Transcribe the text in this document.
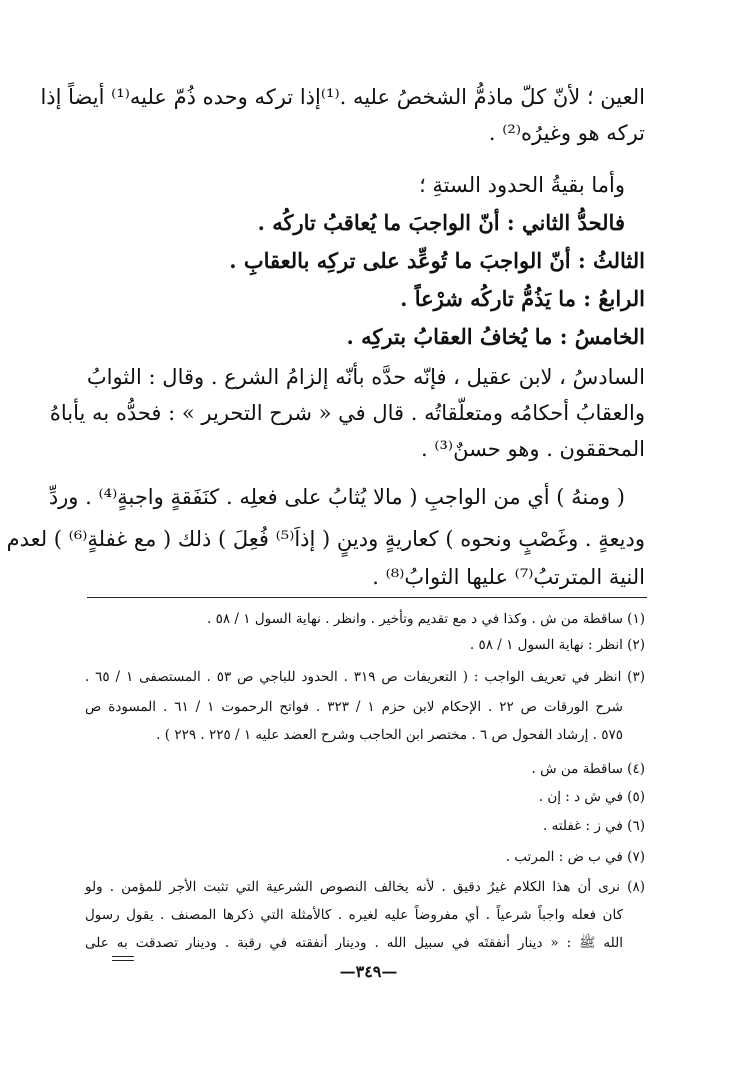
العين ؛ لأنّ كلّ ماذمُّ الشخصُ عليه .⁽¹⁾إذا تركه وحده ذُمّ عليه⁽¹⁾ أيضاً إذا
تركه هو وغيرُه⁽²⁾ .
وأما بقيةُ الحدود الستةِ ؛
فالحدُّ الثاني : أنّ الواجبَ ما يُعاقبُ تاركُه .
الثالثُ : أنّ الواجبَ ما تُوعِّد على تركِه بالعقابِ .
الرابعُ : ما يَذُمُّ تاركُه شرْعاً .
الخامسُ : ما يُخافُ العقابُ بتركِه .
السادسُ ، لابن عقيل ، فإنّه حدَّه بأنّه إلزامُ الشرع . وقال : الثوابُ
والعقابُ أحكامُه ومتعلّقاتُه . قال في « شرح التحرير » : فحدُّه به يأباهُ
المحققون . وهو حسنٌ⁽³⁾ .
( ومنهُ ) أي من الواجبِ ( مالا يُثابُ على فعلِه . كنَفَقةٍ واجبةٍ⁽⁴⁾ . وردِّ
وديعةٍ . وغَصْبٍ ونحوه ) كعاريةٍ ودينٍ ( إذاَ⁽⁵⁾ فُعِلَ ) ذلك ( مع غفلةٍ⁽⁶⁾ ) لعدم
النية المترتبُ⁽⁷⁾ عليها الثوابُ⁽⁸⁾ .
(١) ساقطة من ش . وكذا في د مع تقديم وتأخير . وانظر . نهاية السول ١ / ٥٨ .
(٢) انظر : نهاية السول ١ / ٥٨ .
(٣) انظر في تعريف الواجب : ( التعريفات ص ٣١٩ . الحدود للباجي ص ٥٣ . المستصفى ١ / ٦٥ .
شرح الورقات ص ٢٢ . الإحكام لابن حزم ١ / ٣٢٣ . فواتح الرحموت ١ / ٦١ . المسودة ص
٥٧٥ . إرشاد الفحول ص ٦ . مختصر ابن الحاجب وشرح العضد عليه ١ / ٢٢٥ . ٢٢٩ ) .
(٤) ساقطة من ش .
(٥) في ش د : إن .
(٦) في ز : غفلته .
(٧) في ب ض : المرتب .
(٨) نرى أن هذا الكلام غيرُ دقيق . لأنه يخالف النصوص الشرعية التي تثبت الأجر للمؤمن . ولو
كان فعله واجباً شرعياً . أي مفروضاً عليه لغيره . كالأمثلة التي ذكرها المصنف . يقول رسول
الله ﷺ : « دينار أنفقتَه في سبيل الله . ودينار أنفقته في رقبة . ودينار تصدقت به على
—٣٤٩—
